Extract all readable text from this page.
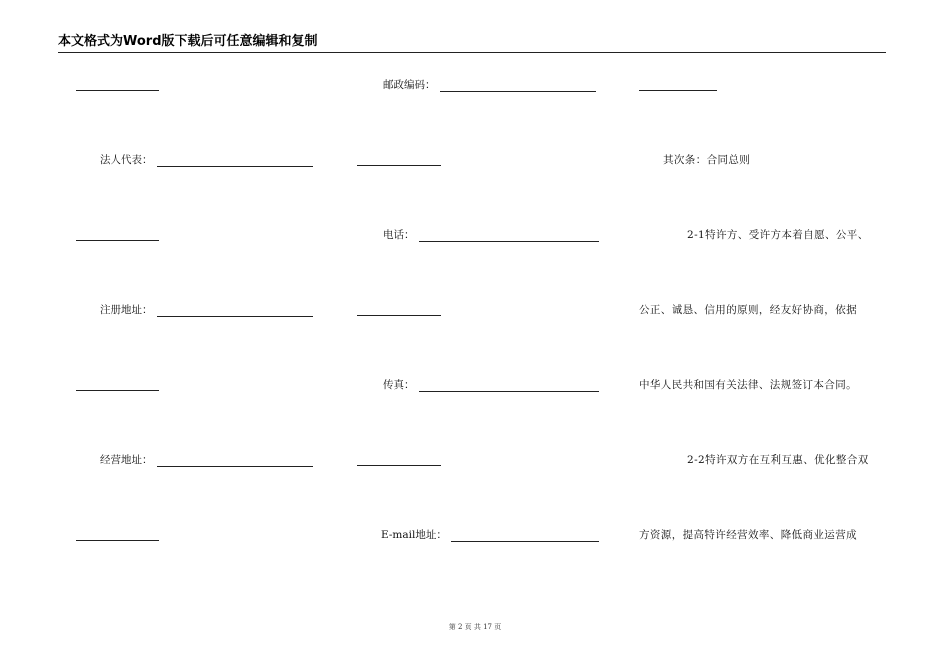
本文格式为Word版下载后可任意编辑和复制
邮政编码：
法人代表：	其次条：合同总则
电话：	2-1特许方、受许方本着自愿、公平、
注册地址：	公正、诚恳、信用的原则，经友好协商，依据
传真：	中华人民共和国有关法律、法规签订本合同。
经营地址：	2-2特许双方在互利互惠、优化整合双
E-mail地址：	方资源，提高特许经营效率、降低商业运营成
第 2 页 共 17 页
